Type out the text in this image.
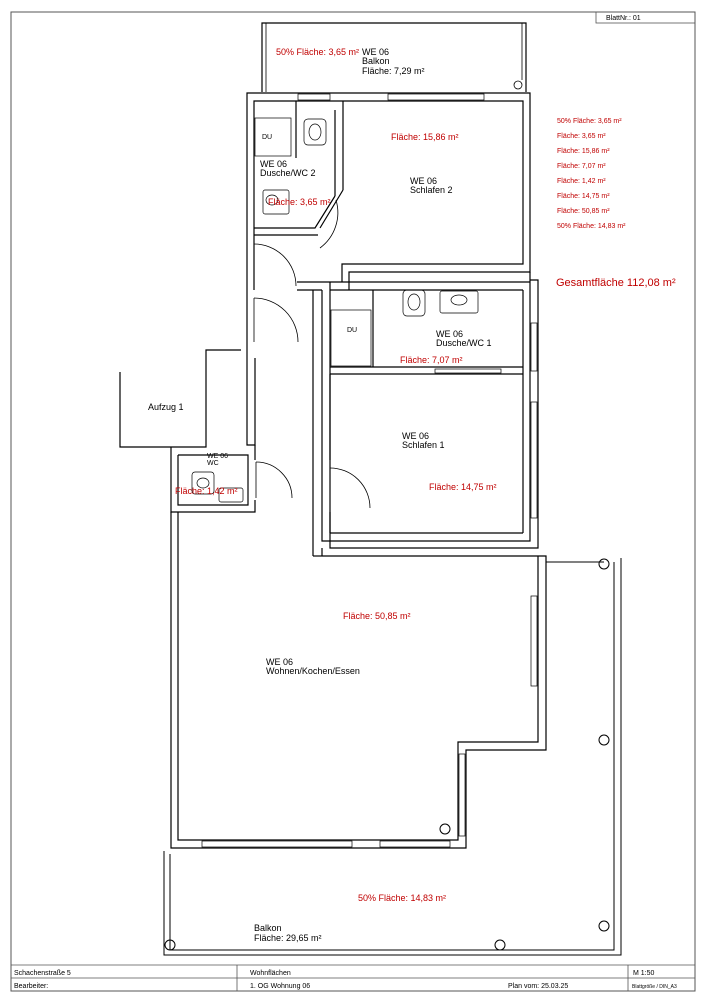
BlattNr.: 01
50% Fläche: 3,65 m² WE 06
Balkon
Fläche: 7,29 m²
DU
WE 06
Dusche/WC 2
Fläche: 3,65 m²
Fläche: 15,86 m²
WE 06
Schlafen 2
DU	WE 06
Dusche/WC 1
Fläche: 7,07 m²
Aufzug 1
WE 06
Schlafen 1
Fläche: 14,75 m²
WE 06
WC
Fläche: 1,42 m²
Fläche: 50,85 m²
WE 06
Wohnen/Kochen/Essen
50% Fläche: 14,83 m²
Balkon
Fläche: 29,65 m²
50% Fläche: 3,65 m²
Fläche: 3,65 m²
Fläche: 15,86 m²
Fläche: 7,07 m²
Fläche: 1,42 m²
Fläche: 14,75 m²
Fläche: 50,85 m²
50% Fläche: 14,83 m²
Gesamtfläche 112,08 m²
Schachenstraße 5
Bearbeiter:
Wohnflächen
1. OG Wohnung 06	Plan vom: 25.03.25
M 1:50
Blattgröße / DIN_A3
